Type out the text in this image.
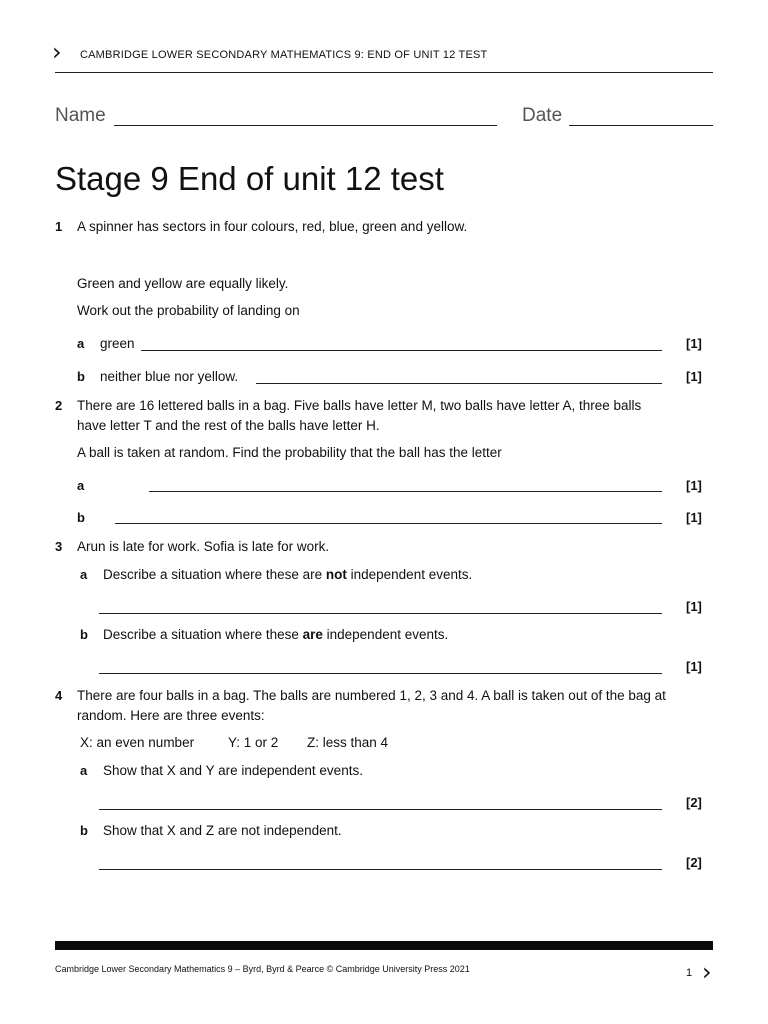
› CAMBRIDGE LOWER SECONDARY MATHEMATICS 9: END OF UNIT 12 TEST
Name	Date
Stage 9 End of unit 12 test
1 A spinner has sectors in four colours, red, blue, green and yellow.
Green and yellow are equally likely.
Work out the probability of landing on
a green	[1]
b neither blue nor yellow.	[1]
2 There are 16 lettered balls in a bag. Five balls have letter M, two balls have letter A, three balls have letter T and the rest of the balls have letter H.
A ball is taken at random. Find the probability that the ball has the letter
a	[1]
b	[1]
3 Arun is late for work. Sofia is late for work.
a Describe a situation where these are not independent events.
[1]
b Describe a situation where these are independent events.
[1]
4 There are four balls in a bag. The balls are numbered 1, 2, 3 and 4. A ball is taken out of the bag at random. Here are three events:
X: an even number	Y: 1 or 2 Z: less than 4
a Show that X and Y are independent events.
[2]
b Show that X and Z are not independent.
[2]
Cambridge Lower Secondary Mathematics 9 – Byrd, Byrd & Pearce © Cambridge University Press 2021	1 ›
